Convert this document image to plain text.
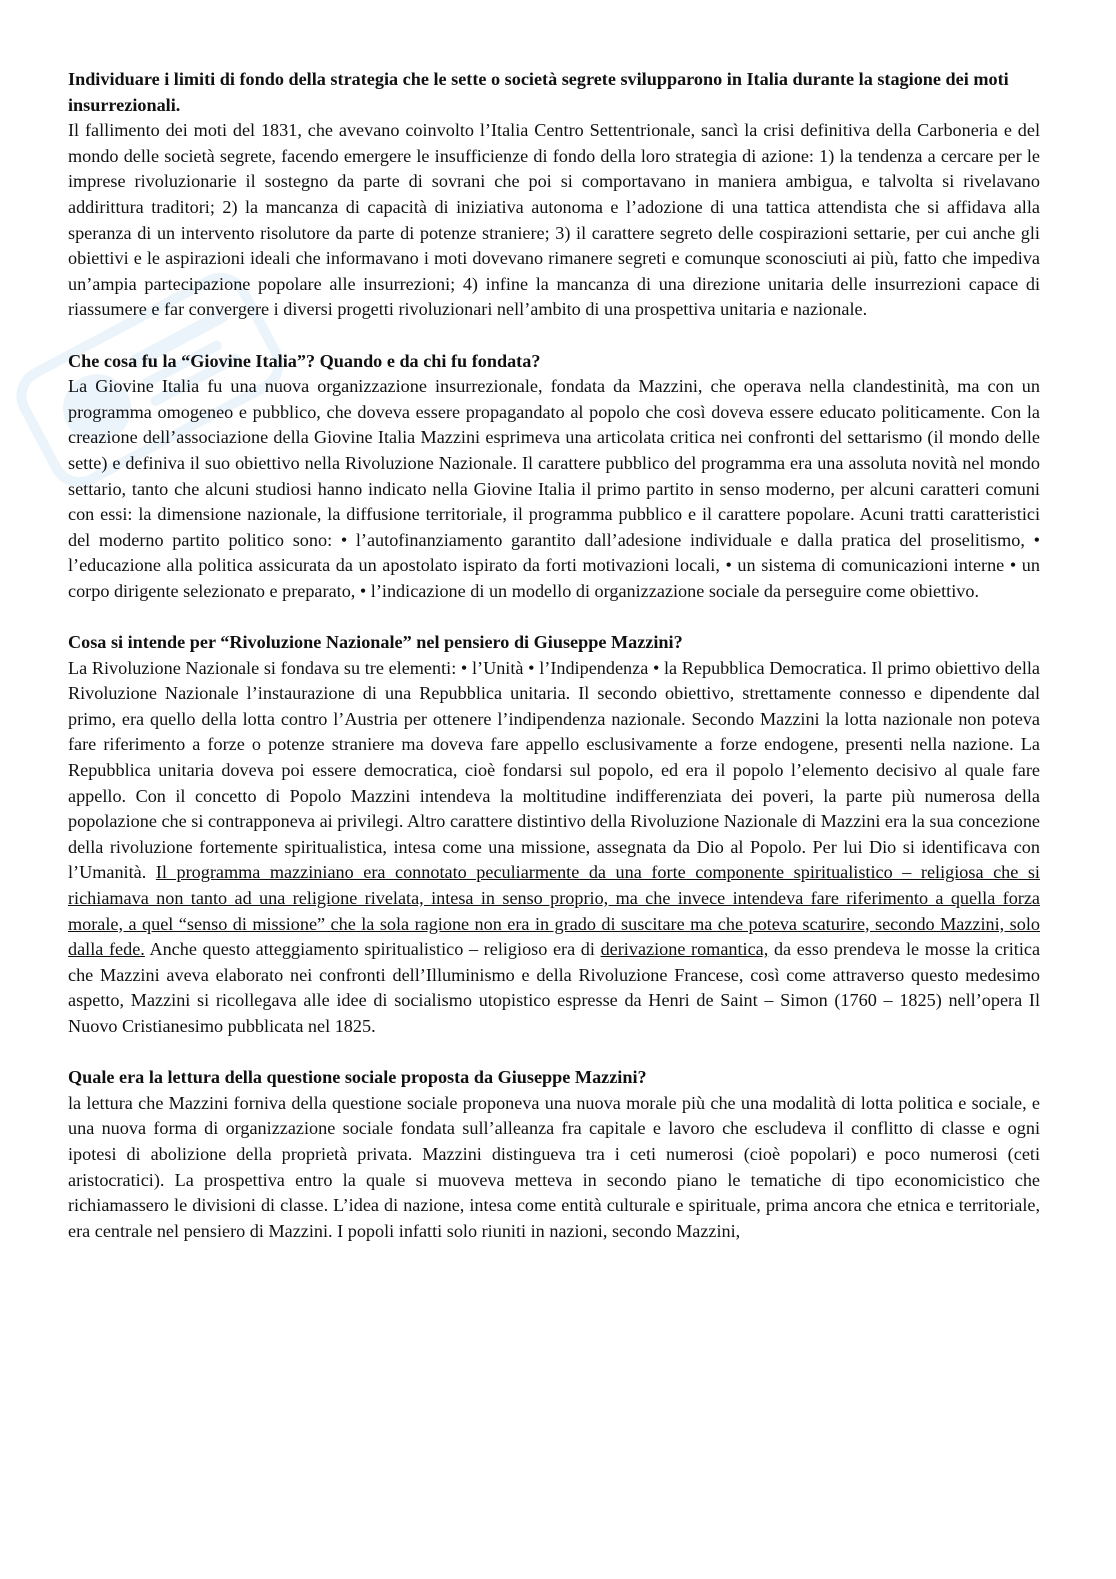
Individuare i limiti di fondo della strategia che le sette o società segrete svilupparono in Italia durante la stagione dei moti insurrezionali.

Il fallimento dei moti del 1831, che avevano coinvolto l’Italia Centro Settentrionale, sancì la crisi definitiva della Carboneria e del mondo delle società segrete, facendo emergere le insufficienze di fondo della loro strategia di azione: 1) la tendenza a cercare per le imprese rivoluzionarie il sostegno da parte di sovrani che poi si comportavano in maniera ambigua, e talvolta si rivelavano addirittura traditori; 2) la mancanza di capacità di iniziativa autonoma e l’adozione di una tattica attendista che si affidava alla speranza di un intervento risolutore da parte di potenze straniere; 3) il carattere segreto delle cospirazioni settarie, per cui anche gli obiettivi e le aspirazioni ideali che informavano i moti dovevano rimanere segreti e comunque sconosciuti ai più, fatto che impediva un’ampia partecipazione popolare alle insurrezioni; 4) infine la mancanza di una direzione unitaria delle insurrezioni capace di riassumere e far convergere i diversi progetti rivoluzionari nell’ambito di una prospettiva unitaria e nazionale.

Che cosa fu la “Giovine Italia”? Quando e da chi fu fondata?

La Giovine Italia fu una nuova organizzazione insurrezionale, fondata da Mazzini, che operava nella clandestinità, ma con un programma omogeneo e pubblico, che doveva essere propagandato al popolo che così doveva essere educato politicamente. Con la creazione dell’associazione della Giovine Italia Mazzini esprimeva una articolata critica nei confronti del settarismo (il mondo delle sette) e definiva il suo obiettivo nella Rivoluzione Nazionale. Il carattere pubblico del programma era una assoluta novità nel mondo settario, tanto che alcuni studiosi hanno indicato nella Giovine Italia il primo partito in senso moderno, per alcuni caratteri comuni con essi: la dimensione nazionale, la diffusione territoriale, il programma pubblico e il carattere popolare. Acuni tratti caratteristici del moderno partito politico sono: • l’autofinanziamento garantito dall’adesione individuale e dalla pratica del proselitismo, • l’educazione alla politica assicurata da un apostolato ispirato da forti motivazioni locali, • un sistema di comunicazioni interne • un corpo dirigente selezionato e preparato, • l’indicazione di un modello di organizzazione sociale da perseguire come obiettivo.

Cosa si intende per “Rivoluzione Nazionale” nel pensiero di Giuseppe Mazzini?

La Rivoluzione Nazionale si fondava su tre elementi: • l’Unità • l’Indipendenza • la Repubblica Democratica. Il primo obiettivo della Rivoluzione Nazionale l’instaurazione di una Repubblica unitaria. Il secondo obiettivo, strettamente connesso e dipendente dal primo, era quello della lotta contro l’Austria per ottenere l’indipendenza nazionale. Secondo Mazzini la lotta nazionale non poteva fare riferimento a forze o potenze straniere ma doveva fare appello esclusivamente a forze endogene, presenti nella nazione. La Repubblica unitaria doveva poi essere democratica, cioè fondarsi sul popolo, ed era il popolo l’elemento decisivo al quale fare appello. Con il concetto di Popolo Mazzini intendeva la moltitudine indifferenziata dei poveri, la parte più numerosa della popolazione che si contrapponeva ai privilegi. Altro carattere distintivo della Rivoluzione Nazionale di Mazzini era la sua concezione della rivoluzione fortemente spiritualistica, intesa come una missione, assegnata da Dio al Popolo. Per lui Dio si identificava con l’Umanità. Il programma mazziniano era connotato peculiarmente da una forte componente spiritualistico – religiosa che si richiamava non tanto ad una religione rivelata, intesa in senso proprio, ma che invece intendeva fare riferimento a quella forza morale, a quel “senso di missione” che la sola ragione non era in grado di suscitare ma che poteva scaturire, secondo Mazzini, solo dalla fede. Anche questo atteggiamento spiritualistico – religioso era di derivazione romantica, da esso prendeva le mosse la critica che Mazzini aveva elaborato nei confronti dell’Illuminismo e della Rivoluzione Francese, così come attraverso questo medesimo aspetto, Mazzini si ricollegava alle idee di socialismo utopistico espresse da Henri de Saint – Simon (1760 – 1825) nell’opera Il Nuovo Cristianesimo pubblicata nel 1825.

Quale era la lettura della questione sociale proposta da Giuseppe Mazzini?

la lettura che Mazzini forniva della questione sociale proponeva una nuova morale più che una modalità di lotta politica e sociale, e una nuova forma di organizzazione sociale fondata sull’alleanza fra capitale e lavoro che escludeva il conflitto di classe e ogni ipotesi di abolizione della proprietà privata. Mazzini distingueva tra i ceti numerosi (cioè popolari) e poco numerosi (ceti aristocratici). La prospettiva entro la quale si muoveva metteva in secondo piano le tematiche di tipo economicistico che richiamassero le divisioni di classe. L’idea di nazione, intesa come entità culturale e spirituale, prima ancora che etnica e territoriale, era centrale nel pensiero di Mazzini. I popoli infatti solo riuniti in nazioni, secondo Mazzini,
